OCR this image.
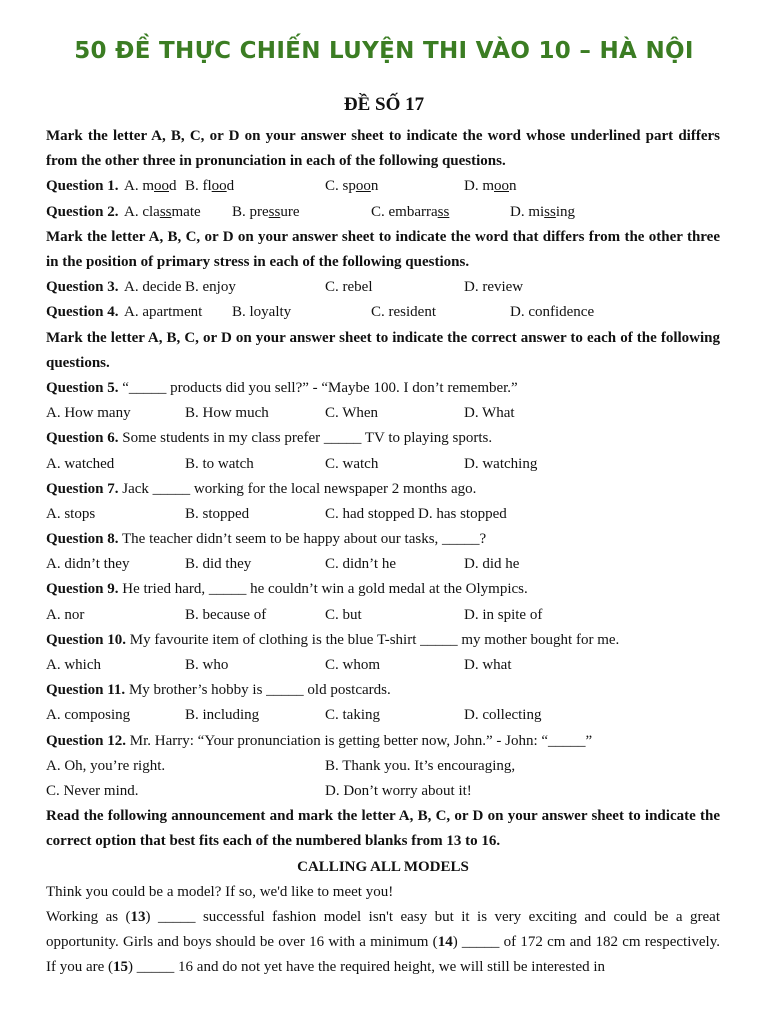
50 ĐỀ THỰC CHIẾN LUYỆN THI VÀO 10 – HÀ NỘI
ĐỀ SỐ 17
Mark the letter A, B, C, or D on your answer sheet to indicate the word whose underlined part differs from the other three in pronunciation in each of the following questions.
Question 1. A. mood B. flood	C. spoon	D. moon
Question 2. A. classmate B. pressure	C. embarrass	D. missing
Mark the letter A, B, C, or D on your answer sheet to indicate the word that differs from the other three in the position of primary stress in each of the following questions.
Question 3. A. decide B. enjoy	C. rebel	D. review
Question 4. A. apartment B. loyalty	C. resident	D. confidence
Mark the letter A, B, C, or D on your answer sheet to indicate the correct answer to each of the following questions.
Question 5. “_____ products did you sell?” - “Maybe 100. I don’t remember.”
A. How many	B. How much	C. When	D. What
Question 6. Some students in my class prefer _____ TV to playing sports.
A. watched	B. to watch	C. watch	D. watching
Question 7. Jack _____ working for the local newspaper 2 months ago.
A. stops	B. stopped	C. had stopped D. has stopped
Question 8. The teacher didn’t seem to be happy about our tasks, _____?
A. didn’t they	B. did they	C. didn’t he	D. did he
Question 9. He tried hard, _____ he couldn’t win a gold medal at the Olympics.
A. nor	B. because of	C. but	D. in spite of
Question 10. My favourite item of clothing is the blue T-shirt _____ my mother bought for me.
A. which	B. who	C. whom	D. what
Question 11. My brother’s hobby is _____ old postcards.
A. composing	B. including	C. taking	D. collecting
Question 12. Mr. Harry: “Your pronunciation is getting better now, John.” - John: “_____”
A. Oh, you’re right.	B. Thank you. It’s encouraging,
C. Never mind.	D. Don’t worry about it!
Read the following announcement and mark the letter A, B, C, or D on your answer sheet to indicate the correct option that best fits each of the numbered blanks from 13 to 16.
CALLING ALL MODELS
Think you could be a model? If so, we'd like to meet you!
Working as (13) _____ successful fashion model isn't easy but it is very exciting and could be a great opportunity. Girls and boys should be over 16 with a minimum (14) _____ of 172 cm and 182 cm respectively. If you are (15) _____ 16 and do not yet have the required height, we will still be interested in
